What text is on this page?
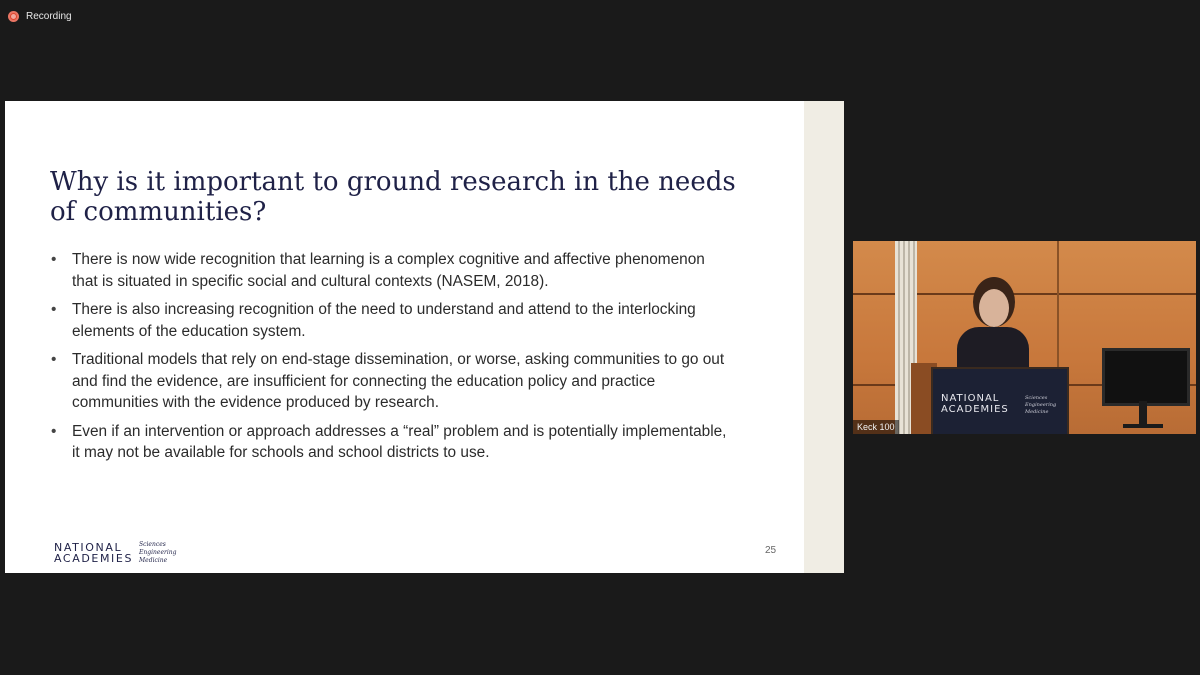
Recording
Why is it important to ground research in the needs of communities?
• There is now wide recognition that learning is a complex cognitive and affective phenomenon that is situated in specific social and cultural contexts (NASEM, 2018).
• There is also increasing recognition of the need to understand and attend to the interlocking elements of the education system.
• Traditional models that rely on end-stage dissemination, or worse, asking communities to go out and find the evidence, are insufficient for connecting the education policy and practice communities with the evidence produced by research.
• Even if an intervention or approach addresses a “real” problem and is potentially implementable, it may not be available for schools and school districts to use.
NATIONAL
ACADEMIES
Sciences
Engineering
Medicine
25
NATIONAL
ACADEMIES
Sciences
Engineering
Medicine
Keck 100
